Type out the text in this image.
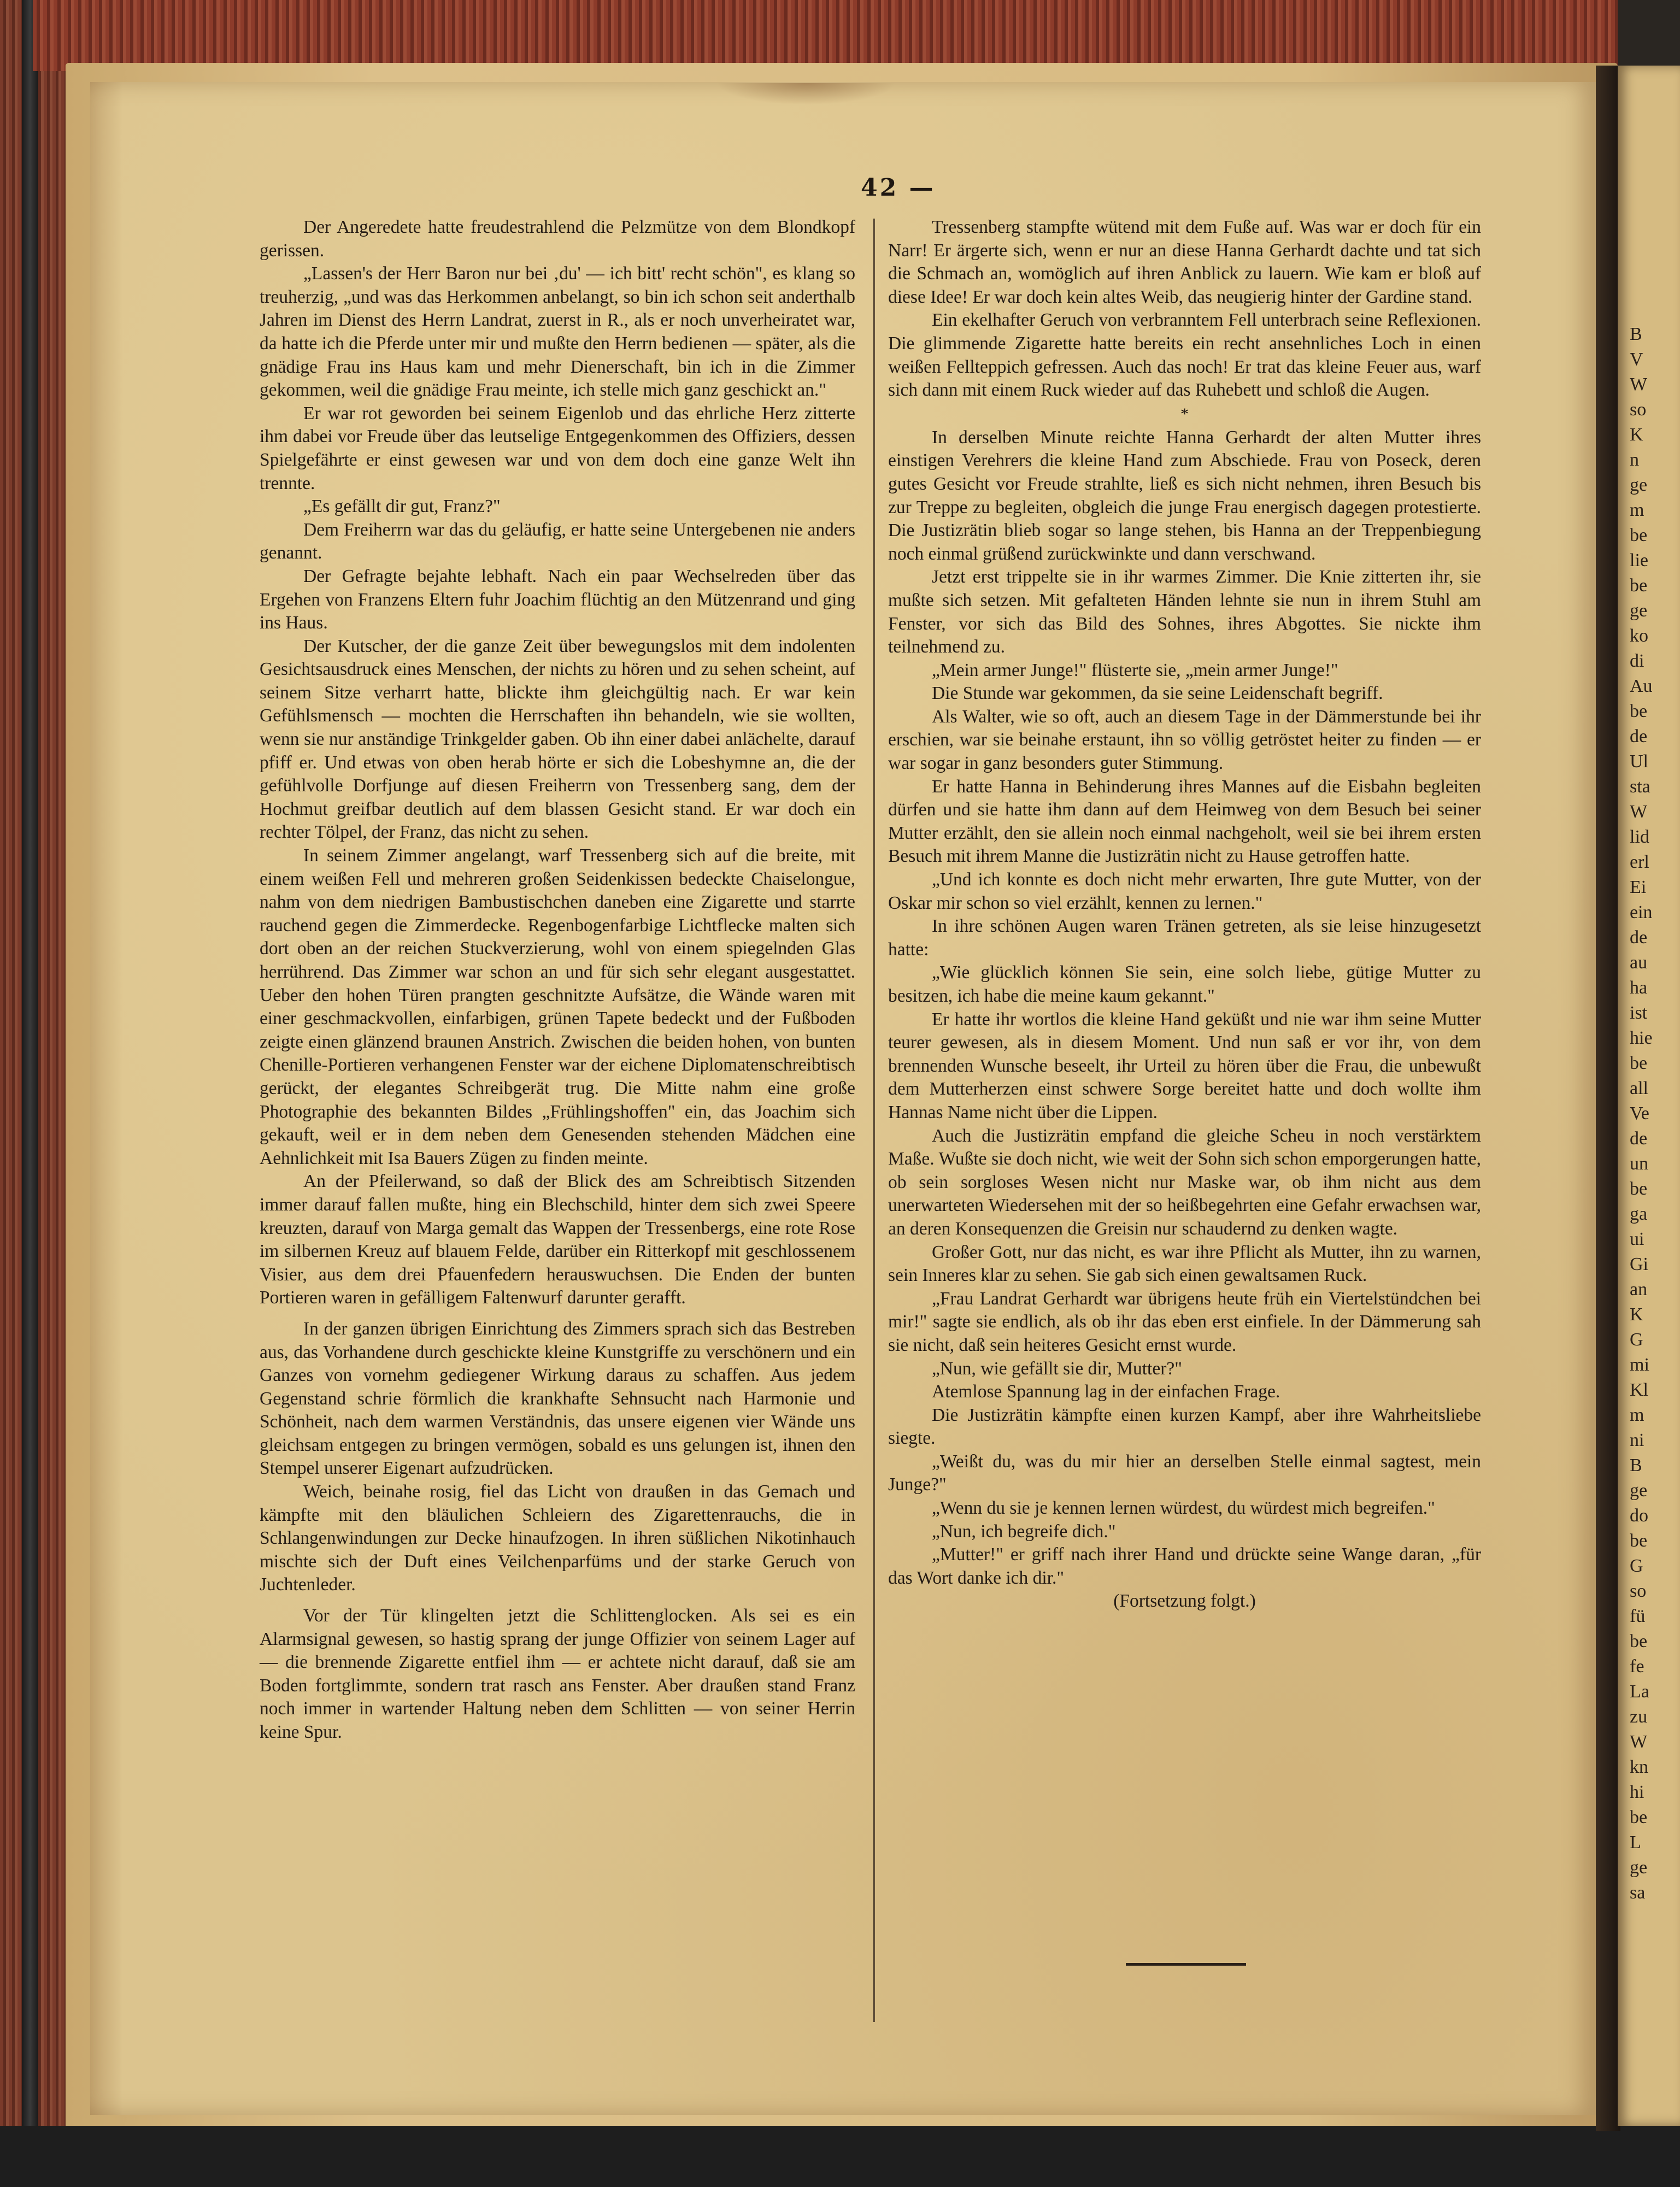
B
V
W
so
K
n
ge
m
be
lie
be
ge
ko
di
Au
be
de
Ul
sta
W
lid
erl
Ei
ein
de
au
ha
ist
hie
be
all
Ve
de
un
be
ga
ui
Gi
an
K
G
mi
Kl
m
ni
B
ge
do
be
G
so
fü
be
fe
La
zu
W
kn
hi
be
L
ge
sa
42 —

Der Angeredete hatte freudestrahlend die Pelzmütze von dem Blondkopf gerissen.

„Lassen's der Herr Baron nur bei ‚du' — ich bitt' recht schön", es klang so treuherzig, „und was das Herkommen anbelangt, so bin ich schon seit anderthalb Jahren im Dienst des Herrn Landrat, zuerst in R., als er noch unverheiratet war, da hatte ich die Pferde unter mir und mußte den Herrn bedienen — später, als die gnädige Frau ins Haus kam und mehr Dienerschaft, bin ich in die Zimmer gekommen, weil die gnädige Frau meinte, ich stelle mich ganz geschickt an."

Er war rot geworden bei seinem Eigenlob und das ehrliche Herz zitterte ihm dabei vor Freude über das leutselige Entgegenkommen des Offiziers, dessen Spielgefährte er einst gewesen war und von dem doch eine ganze Welt ihn trennte.

„Es gefällt dir gut, Franz?"

Dem Freiherrn war das du geläufig, er hatte seine Untergebenen nie anders genannt.

Der Gefragte bejahte lebhaft. Nach ein paar Wechselreden über das Ergehen von Franzens Eltern fuhr Joachim flüchtig an den Mützenrand und ging ins Haus.

Der Kutscher, der die ganze Zeit über bewegungslos mit dem indolenten Gesichtsausdruck eines Menschen, der nichts zu hören und zu sehen scheint, auf seinem Sitze verharrt hatte, blickte ihm gleichgültig nach. Er war kein Gefühlsmensch — mochten die Herrschaften ihn behandeln, wie sie wollten, wenn sie nur anständige Trinkgelder gaben. Ob ihn einer dabei anlächelte, darauf pfiff er. Und etwas von oben herab hörte er sich die Lobeshymne an, die der gefühlvolle Dorfjunge auf diesen Freiherrn von Tressenberg sang, dem der Hochmut greifbar deutlich auf dem blassen Gesicht stand. Er war doch ein rechter Tölpel, der Franz, das nicht zu sehen.

In seinem Zimmer angelangt, warf Tressenberg sich auf die breite, mit einem weißen Fell und mehreren großen Seidenkissen bedeckte Chaiselongue, nahm von dem niedrigen Bambustischchen daneben eine Zigarette und starrte rauchend gegen die Zimmerdecke. Regenbogenfarbige Lichtflecke malten sich dort oben an der reichen Stuckverzierung, wohl von einem spiegelnden Glas herrührend. Das Zimmer war schon an und für sich sehr elegant ausgestattet. Ueber den hohen Türen prangten geschnitzte Aufsätze, die Wände waren mit einer geschmackvollen, einfarbigen, grünen Tapete bedeckt und der Fußboden zeigte einen glänzend braunen Anstrich. Zwischen die beiden hohen, von bunten Chenille-Portieren verhangenen Fenster war der eichene Diplomatenschreibtisch gerückt, der elegantes Schreibgerät trug. Die Mitte nahm eine große Photographie des bekannten Bildes „Frühlingshoffen" ein, das Joachim sich gekauft, weil er in dem neben dem Genesenden stehenden Mädchen eine Aehnlichkeit mit Isa Bauers Zügen zu finden meinte.

An der Pfeilerwand, so daß der Blick des am Schreibtisch Sitzenden immer darauf fallen mußte, hing ein Blechschild, hinter dem sich zwei Speere kreuzten, darauf von Marga gemalt das Wappen der Tressenbergs, eine rote Rose im silbernen Kreuz auf blauem Felde, darüber ein Ritterkopf mit geschlossenem Visier, aus dem drei Pfauenfedern herauswuchsen. Die Enden der bunten Portieren waren in gefälligem Faltenwurf darunter gerafft.

In der ganzen übrigen Einrichtung des Zimmers sprach sich das Bestreben aus, das Vorhandene durch geschickte kleine Kunstgriffe zu verschönern und ein Ganzes von vornehm gediegener Wirkung daraus zu schaffen. Aus jedem Gegenstand schrie förmlich die krankhafte Sehnsucht nach Harmonie und Schönheit, nach dem warmen Verständnis, das unsere eigenen vier Wände uns gleichsam entgegen zu bringen vermögen, sobald es uns gelungen ist, ihnen den Stempel unserer Eigenart aufzudrücken.

Weich, beinahe rosig, fiel das Licht von draußen in das Gemach und kämpfte mit den bläulichen Schleiern des Zigarettenrauchs, die in Schlangenwindungen zur Decke hinaufzogen. In ihren süßlichen Nikotinhauch mischte sich der Duft eines Veilchenparfüms und der starke Geruch von Juchtenleder.

Vor der Tür klingelten jetzt die Schlittenglocken. Als sei es ein Alarmsignal gewesen, so hastig sprang der junge Offizier von seinem Lager auf — die brennende Zigarette entfiel ihm — er achtete nicht darauf, daß sie am Boden fortglimmte, sondern trat rasch ans Fenster. Aber draußen stand Franz noch immer in wartender Haltung neben dem Schlitten — von seiner Herrin keine Spur.

Tressenberg stampfte wütend mit dem Fuße auf. Was war er doch für ein Narr! Er ärgerte sich, wenn er nur an diese Hanna Gerhardt dachte und tat sich die Schmach an, womöglich auf ihren Anblick zu lauern. Wie kam er bloß auf diese Idee! Er war doch kein altes Weib, das neugierig hinter der Gardine stand.

Ein ekelhafter Geruch von verbranntem Fell unterbrach seine Reflexionen. Die glimmende Zigarette hatte bereits ein recht ansehnliches Loch in einen weißen Fellteppich gefressen. Auch das noch! Er trat das kleine Feuer aus, warf sich dann mit einem Ruck wieder auf das Ruhebett und schloß die Augen.

*

In derselben Minute reichte Hanna Gerhardt der alten Mutter ihres einstigen Verehrers die kleine Hand zum Abschiede. Frau von Poseck, deren gutes Gesicht vor Freude strahlte, ließ es sich nicht nehmen, ihren Besuch bis zur Treppe zu begleiten, obgleich die junge Frau energisch dagegen protestierte. Die Justizrätin blieb sogar so lange stehen, bis Hanna an der Treppenbiegung noch einmal grüßend zurückwinkte und dann verschwand.

Jetzt erst trippelte sie in ihr warmes Zimmer. Die Knie zitterten ihr, sie mußte sich setzen. Mit gefalteten Händen lehnte sie nun in ihrem Stuhl am Fenster, vor sich das Bild des Sohnes, ihres Abgottes. Sie nickte ihm teilnehmend zu.

„Mein armer Junge!" flüsterte sie, „mein armer Junge!"

Die Stunde war gekommen, da sie seine Leidenschaft begriff.

Als Walter, wie so oft, auch an diesem Tage in der Dämmerstunde bei ihr erschien, war sie beinahe erstaunt, ihn so völlig getröstet heiter zu finden — er war sogar in ganz besonders guter Stimmung.

Er hatte Hanna in Behinderung ihres Mannes auf die Eisbahn begleiten dürfen und sie hatte ihm dann auf dem Heimweg von dem Besuch bei seiner Mutter erzählt, den sie allein noch einmal nachgeholt, weil sie bei ihrem ersten Besuch mit ihrem Manne die Justizrätin nicht zu Hause getroffen hatte.

„Und ich konnte es doch nicht mehr erwarten, Ihre gute Mutter, von der Oskar mir schon so viel erzählt, kennen zu lernen."

In ihre schönen Augen waren Tränen getreten, als sie leise hinzugesetzt hatte:

„Wie glücklich können Sie sein, eine solch liebe, gütige Mutter zu besitzen, ich habe die meine kaum gekannt."

Er hatte ihr wortlos die kleine Hand geküßt und nie war ihm seine Mutter teurer gewesen, als in diesem Moment. Und nun saß er vor ihr, von dem brennenden Wunsche beseelt, ihr Urteil zu hören über die Frau, die unbewußt dem Mutterherzen einst schwere Sorge bereitet hatte und doch wollte ihm Hannas Name nicht über die Lippen.

Auch die Justizrätin empfand die gleiche Scheu in noch verstärktem Maße. Wußte sie doch nicht, wie weit der Sohn sich schon emporgerungen hatte, ob sein sorgloses Wesen nicht nur Maske war, ob ihm nicht aus dem unerwarteten Wiedersehen mit der so heißbegehrten eine Gefahr erwachsen war, an deren Konsequenzen die Greisin nur schaudernd zu denken wagte.

Großer Gott, nur das nicht, es war ihre Pflicht als Mutter, ihn zu warnen, sein Inneres klar zu sehen. Sie gab sich einen gewaltsamen Ruck.

„Frau Landrat Gerhardt war übrigens heute früh ein Viertelstündchen bei mir!" sagte sie endlich, als ob ihr das eben erst einfiele. In der Dämmerung sah sie nicht, daß sein heiteres Gesicht ernst wurde.

„Nun, wie gefällt sie dir, Mutter?"

Atemlose Spannung lag in der einfachen Frage.

Die Justizrätin kämpfte einen kurzen Kampf, aber ihre Wahrheitsliebe siegte.

„Weißt du, was du mir hier an derselben Stelle einmal sagtest, mein Junge?"

„Wenn du sie je kennen lernen würdest, du würdest mich begreifen."

„Nun, ich begreife dich."

„Mutter!" er griff nach ihrer Hand und drückte seine Wange daran, „für das Wort danke ich dir."

(Fortsetzung folgt.)
